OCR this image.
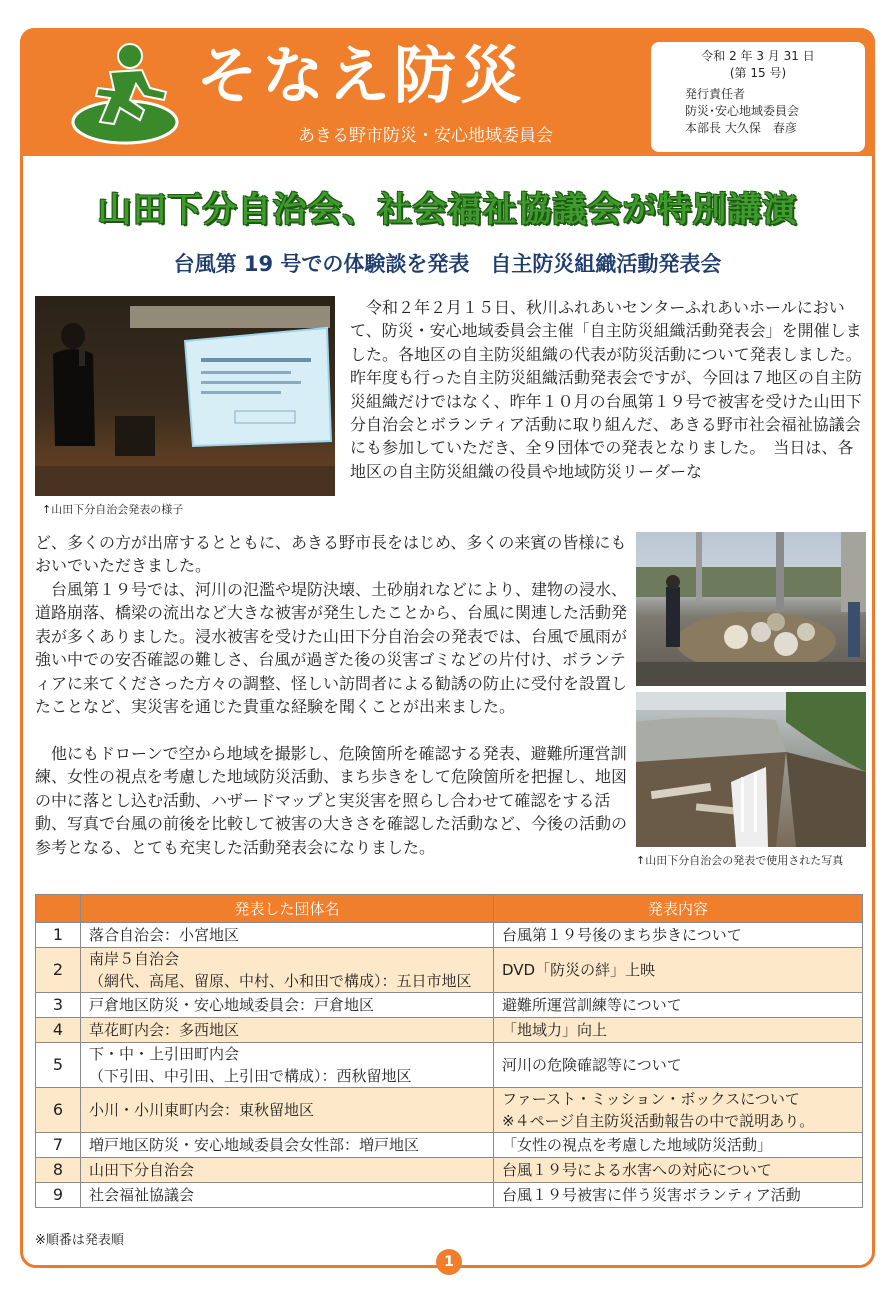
そなえ防災
あきる野市防災・安心地域委員会
令和 2 年 3 月 31 日
(第 15 号)
発行責任者
防災･安心地域委員会
本部長 大久保　春彦
山田下分自治会、社会福祉協議会が特別講演
台風第 19 号での体験談を発表　自主防災組織活動発表会
↑山田下分自治会発表の様子
　令和２年２月１５日、秋川ふれあいセンターふれあいホールにおいて、防災・安心地域委員会主催「自主防災組織活動発表会」を開催しました。各地区の自主防災組織の代表が防災活動について発表しました。　昨年度も行った自主防災組織活動発表会ですが、今回は７地区の自主防災組織だけではなく、昨年１０月の台風第１９号で被害を受けた山田下分自治会とボランティア活動に取り組んだ、あきる野市社会福祉協議会にも参加していただき、全９団体での発表となりました。　当日は、各地区の自主防災組織の役員や地域防災リーダーな
↑山田下分自治会の発表で使用された写真
ど、多くの方が出席するとともに、あきる野市長をはじめ、多くの来賓の皆様にもおいでいただきました。
　台風第１９号では、河川の氾濫や堤防決壊、土砂崩れなどにより、建物の浸水、道路崩落、橋梁の流出など大きな被害が発生したことから、台風に関連した活動発表が多くありました。浸水被害を受けた山田下分自治会の発表では、台風で風雨が強い中での安否確認の難しさ、台風が過ぎた後の災害ゴミなどの片付け、ボランティアに来てくださった方々の調整、怪しい訪問者による勧誘の防止に受付を設置したことなど、実災害を通じた貴重な経験を聞くことが出来ました。
　他にもドローンで空から地域を撮影し、危険箇所を確認する発表、避難所運営訓練、女性の視点を考慮した地域防災活動、まち歩きをして危険箇所を把握し、地図の中に落とし込む活動、ハザードマップと実災害を照らし合わせて確認をする活動、写真で台風の前後を比較して被害の大きさを確認した活動など、今後の活動の参考となる、とても充実した活動発表会になりました。
	発表した団体名	発表内容
1	落合自治会：小宮地区	台風第１９号後のまち歩きについて
2	南岸５自治会
（網代、高尾、留原、中村、小和田で構成）：五日市地区	DVD「防災の絆」上映
3	戸倉地区防災・安心地域委員会：戸倉地区	避難所運営訓練等について
4	草花町内会：多西地区	「地域力」向上
5	下・中・上引田町内会
（下引田、中引田、上引田で構成）：西秋留地区	河川の危険確認等について
6	小川・小川東町内会：東秋留地区	ファースト・ミッション・ボックスについて
※４ページ自主防災活動報告の中で説明あり。

7	増戸地区防災・安心地域委員会女性部：増戸地区	「女性の視点を考慮した地域防災活動」
8	山田下分自治会	台風１９号による水害への対応について
9	社会福祉協議会	台風１９号被害に伴う災害ボランティア活動
※順番は発表順
1
